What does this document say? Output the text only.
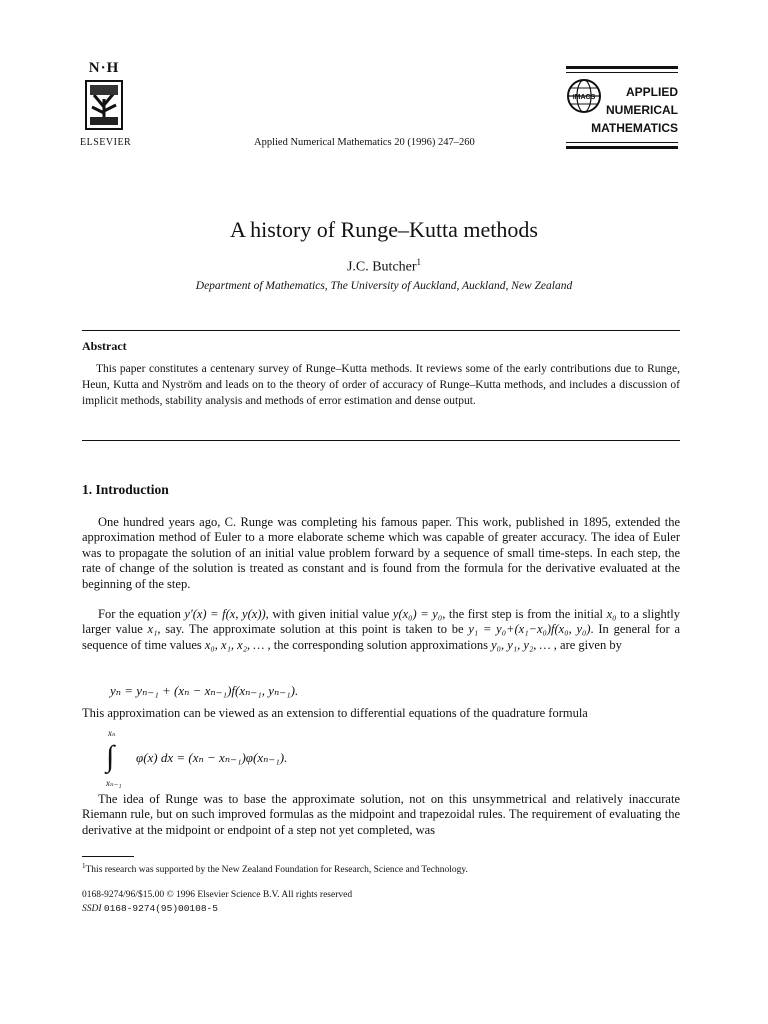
N·H
ELSEVIER	Applied Numerical Mathematics 20 (1996) 247–260
IMACS	APPLIED
NUMERICAL
MATHEMATICS
A history of Runge–Kutta methods
J.C. Butcher$^1$
Department of Mathematics, The University of Auckland, Auckland, New Zealand
Abstract
This paper constitutes a centenary survey of Runge–Kutta methods. It reviews some of the early contributions due to Runge, Heun, Kutta and Nyström and leads on to the theory of order of accuracy of Runge–Kutta methods, and includes a discussion of implicit methods, stability analysis and methods of error estimation and dense output.
1. Introduction
One hundred years ago, C. Runge was completing his famous paper. This work, published in 1895, extended the approximation method of Euler to a more elaborate scheme which was capable of greater accuracy. The idea of Euler was to propagate the solution of an initial value problem forward by a sequence of small time-steps. In each step, the rate of change of the solution is treated as constant and is found from the formula for the derivative evaluated at the beginning of the step.
For the equation y′(x) = f(x, y(x)), with given initial value y(x₀) = y₀, the first step is from the initial x₀ to a slightly larger value x₁, say. The approximate solution at this point is taken to be y₁ = y₀+(x₁−x₀)f(x₀, y₀). In general for a sequence of time values x₀, x₁, x₂, … , the corresponding solution approximations y₀, y₁, y₂, … , are given by
yₙ = yₙ₋₁ + (xₙ − xₙ₋₁)f(xₙ₋₁, yₙ₋₁).
This approximation can be viewed as an extension to differential equations of the quadrature formula
xₙ
∫
xₙ₋₁
φ(x) dx = (xₙ − xₙ₋₁)φ(xₙ₋₁).
The idea of Runge was to base the approximate solution, not on this unsymmetrical and relatively inaccurate Riemann rule, but on such improved formulas as the midpoint and trapezoidal rules. The requirement of evaluating the derivative at the midpoint or endpoint of a step not yet completed, was
$^1$This research was supported by the New Zealand Foundation for Research, Science and Technology.
0168-9274/96/$15.00 © 1996 Elsevier Science B.V. All rights reserved
SSDI 0168-9274(95)00108-5
